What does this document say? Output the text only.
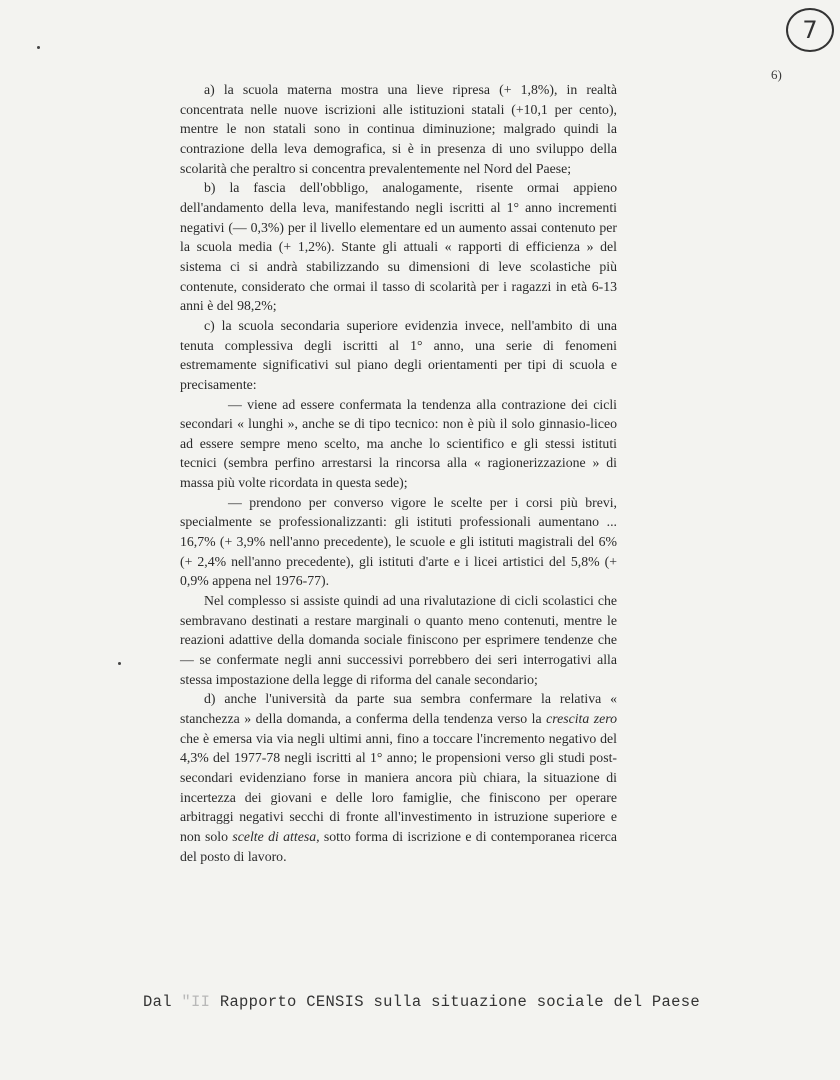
7
6)

a) la scuola materna mostra una lieve ripresa (+ 1,8%), in realtà concentrata nelle nuove iscrizioni alle istituzioni statali (+10,1 per cento), mentre le non statali sono in continua diminuzione; malgrado quindi la contrazione della leva demografica, si è in presenza di uno sviluppo della scolarità che peraltro si concentra prevalentemente nel Nord del Paese;

b) la fascia dell'obbligo, analogamente, risente ormai appieno dell'andamento della leva, manifestando negli iscritti al 1° anno incrementi negativi (— 0,3%) per il livello elementare ed un aumento assai contenuto per la scuola media (+ 1,2%). Stante gli attuali « rapporti di efficienza » del sistema ci si andrà stabilizzando su dimensioni di leve scolastiche più contenute, considerato che ormai il tasso di scolarità per i ragazzi in età 6-13 anni è del 98,2%;

c) la scuola secondaria superiore evidenzia invece, nell'ambito di una tenuta complessiva degli iscritti al 1° anno, una serie di fenomeni estremamente significativi sul piano degli orientamenti per tipi di scuola e precisamente:

— viene ad essere confermata la tendenza alla contrazione dei cicli secondari « lunghi », anche se di tipo tecnico: non è più il solo ginnasio-liceo ad essere sempre meno scelto, ma anche lo scientifico e gli stessi istituti tecnici (sembra perfino arrestarsi la rincorsa alla « ragionerizzazione » di massa più volte ricordata in questa sede);

— prendono per converso vigore le scelte per i corsi più brevi, specialmente se professionalizzanti: gli istituti professionali aumentano ... 16,7% (+ 3,9% nell'anno precedente), le scuole e gli istituti magistrali del 6% (+ 2,4% nell'anno precedente), gli istituti d'arte e i licei artistici del 5,8% (+ 0,9% appena nel 1976-77).

Nel complesso si assiste quindi ad una rivalutazione di cicli scolastici che sembravano destinati a restare marginali o quanto meno contenuti, mentre le reazioni adattive della domanda sociale finiscono per esprimere tendenze che — se confermate negli anni successivi porrebbero dei seri interrogativi alla stessa impostazione della legge di riforma del canale secondario;

d) anche l'università da parte sua sembra confermare la relativa « stanchezza » della domanda, a conferma della tendenza verso la crescita zero che è emersa via via negli ultimi anni, fino a toccare l'incremento negativo del 4,3% del 1977-78 negli iscritti al 1° anno; le propensioni verso gli studi post-secondari evidenziano forse in maniera ancora più chiara, la situazione di incertezza dei giovani e delle loro famiglie, che finiscono per operare arbitraggi negativi secchi di fronte all'investimento in istruzione superiore e non solo scelte di attesa, sotto forma di iscrizione e di contemporanea ricerca del posto di lavoro.

Dal "II Rapporto CENSIS sulla situazione sociale del Paese
